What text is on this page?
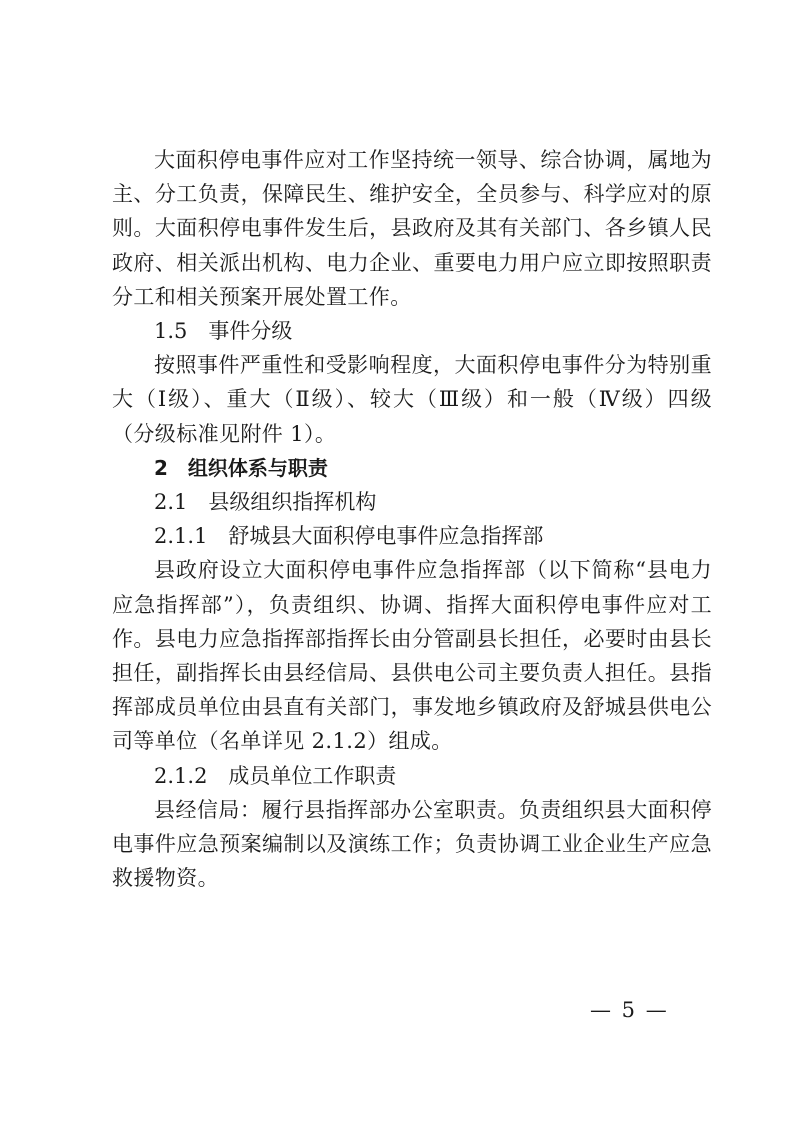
大面积停电事件应对工作坚持统一领导、综合协调，属地为主、分工负责，保障民生、维护安全，全员参与、科学应对的原则。大面积停电事件发生后，县政府及其有关部门、各乡镇人民政府、相关派出机构、电力企业、重要电力用户应立即按照职责分工和相关预案开展处置工作。

1.5　事件分级

按照事件严重性和受影响程度，大面积停电事件分为特别重大（Ⅰ级）、重大（Ⅱ级）、较大（Ⅲ级）和一般（Ⅳ级）四级（分级标准见附件 1）。

2　组织体系与职责

2.1　县级组织指挥机构

2.1.1　舒城县大面积停电事件应急指挥部

县政府设立大面积停电事件应急指挥部（以下简称“县电力应急指挥部”），负责组织、协调、指挥大面积停电事件应对工作。县电力应急指挥部指挥长由分管副县长担任，必要时由县长担任，副指挥长由县经信局、县供电公司主要负责人担任。县指挥部成员单位由县直有关部门，事发地乡镇政府及舒城县供电公司等单位（名单详见 2.1.2）组成。

2.1.2　成员单位工作职责

县经信局：履行县指挥部办公室职责。负责组织县大面积停电事件应急预案编制以及演练工作；负责协调工业企业生产应急救援物资。

— 5 —
